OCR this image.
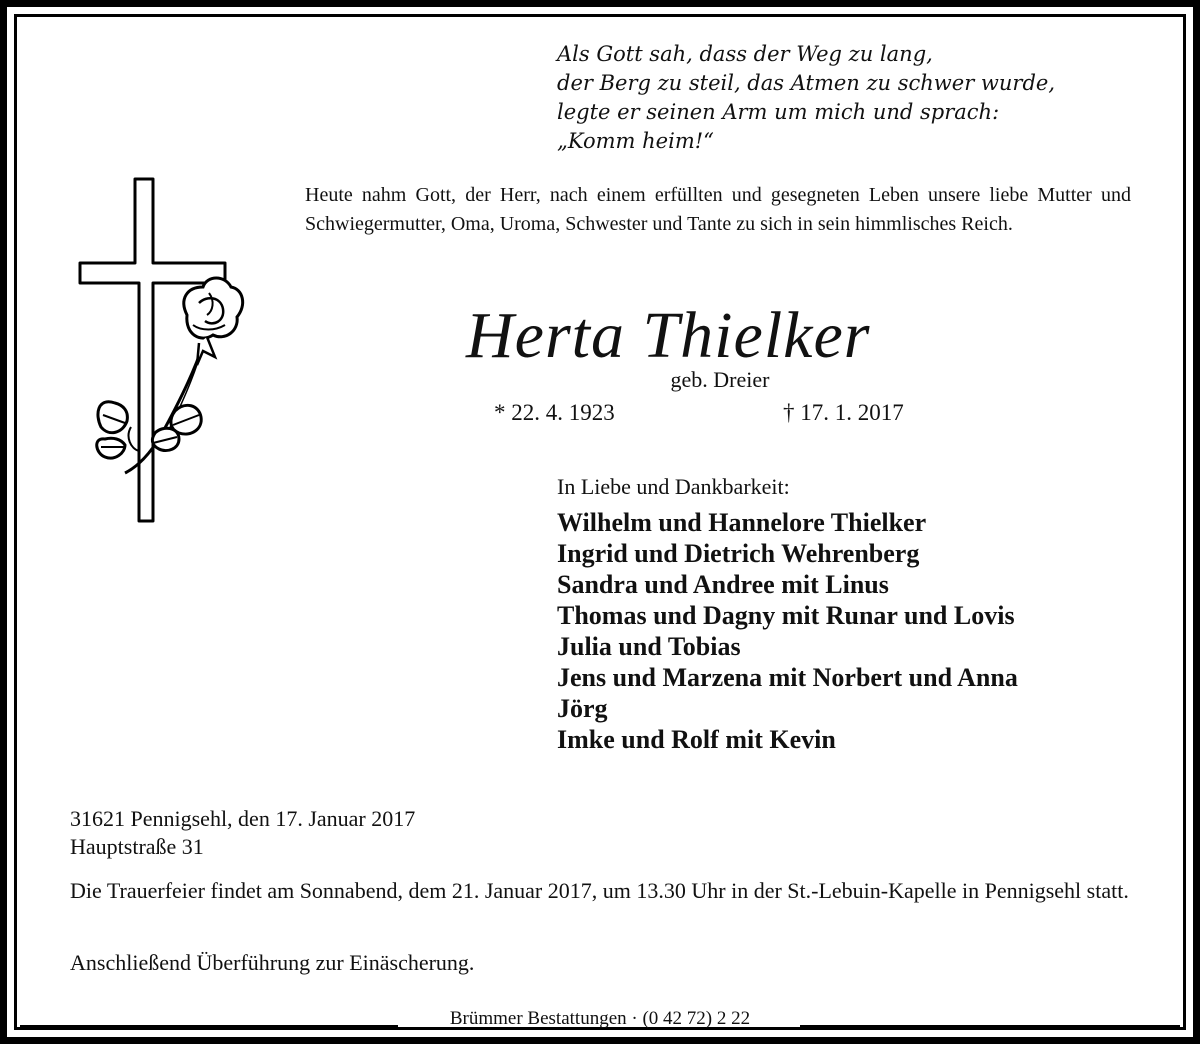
Als Gott sah, dass der Weg zu lang,
der Berg zu steil, das Atmen zu schwer wurde,
legte er seinen Arm um mich und sprach:
„Komm heim!“
Heute nahm Gott, der Herr, nach einem erfüllten und gesegneten Leben unsere liebe Mutter und Schwiegermutter, Oma, Uroma, Schwester und Tante zu sich in sein himmlisches Reich.
Herta Thielker
geb. Dreier
* 22. 4. 1923	† 17. 1. 2017
In Liebe und Dankbarkeit:
Wilhelm und Hannelore Thielker
Ingrid und Dietrich Wehrenberg
Sandra und Andree mit Linus
Thomas und Dagny mit Runar und Lovis
Julia und Tobias
Jens und Marzena mit Norbert und Anna
Jörg
Imke und Rolf mit Kevin
31621 Pennigsehl, den 17. Januar 2017
Hauptstraße 31
Die Trauerfeier findet am Sonnabend, dem 21. Januar 2017, um 13.30 Uhr in der St.-Lebuin-Kapelle in Pennigsehl statt.
Anschließend Überführung zur Einäscherung.
Brümmer Bestattungen · (0 42 72) 2 22
